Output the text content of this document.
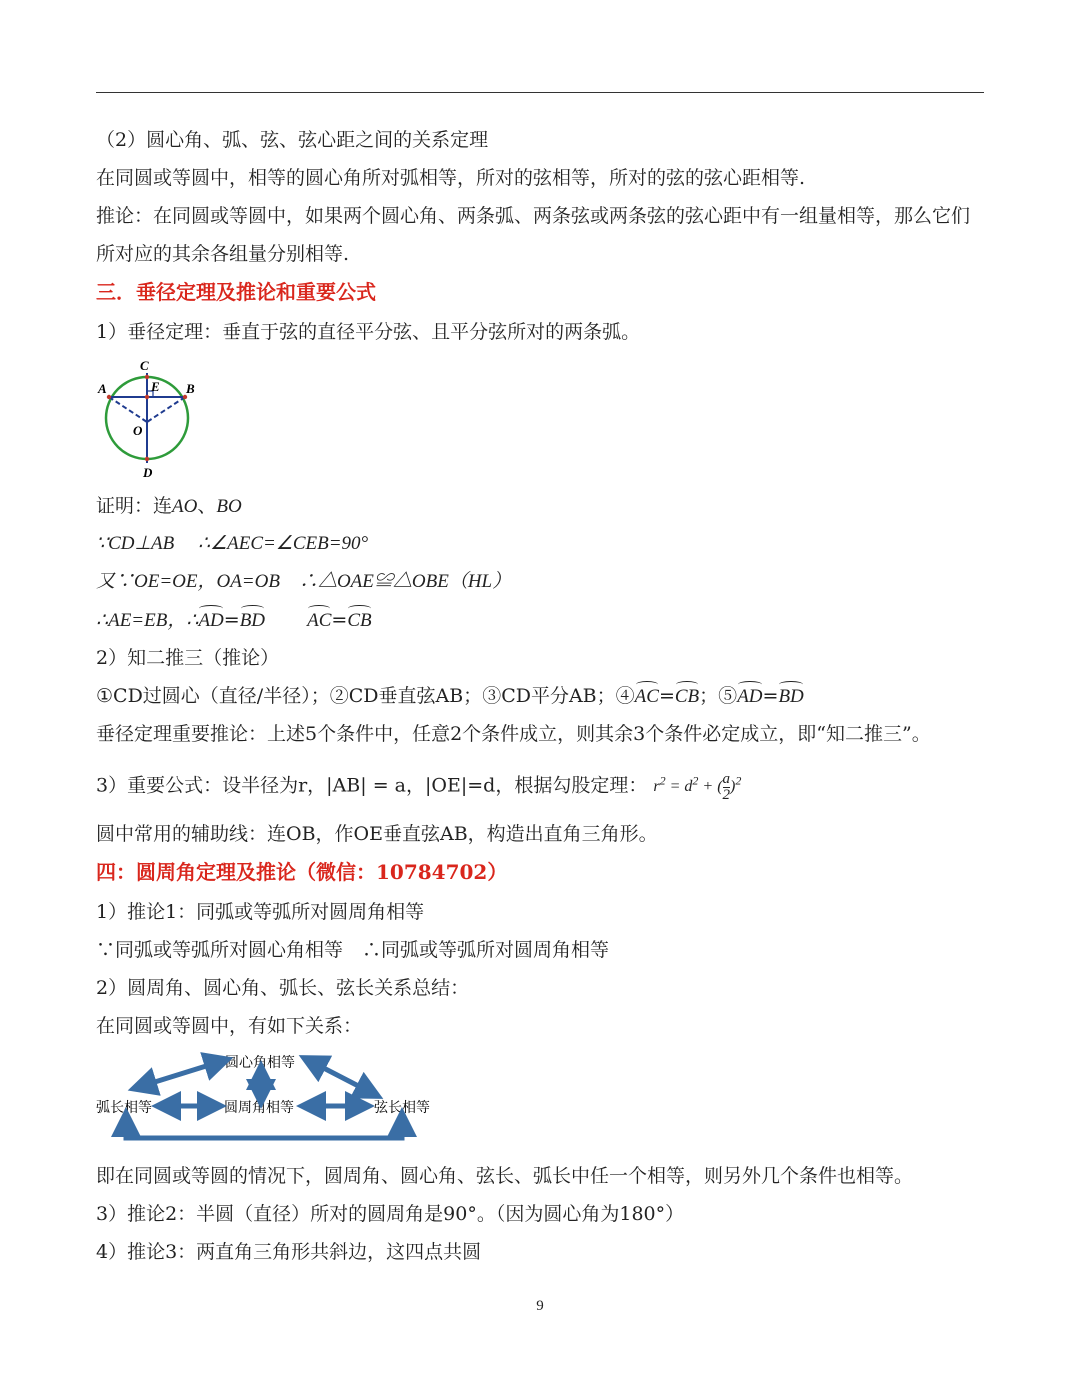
（2）圆心角、弧、弦、弦心距之间的关系定理
在同圆或等圆中，相等的圆心角所对弧相等，所对的弦相等，所对的弦的弦心距相等.
推论：在同圆或等圆中，如果两个圆心角、两条弧、两条弦或两条弦的弦心距中有一组量相等，那么它们
所对应的其余各组量分别相等.
三．垂径定理及推论和重要公式
1）垂径定理：垂直于弦的直径平分弦、且平分弦所对的两条弧。
C
A	E B
O
D
证明：连AO、BO
∵CD⊥AB　 ∴∠AEC=∠CEB=90°
又∵OE=OE，OA=OB　∴△OAE≌△OBE（HL）
∴AE=EB，∴AD=BD AC=CB
2）知二推三（推论）
①CD过圆心（直径/半径）；②CD垂直弦AB；③CD平分AB；④AC=CB；⑤AD=BD
垂径定理重要推论：上述5个条件中，任意2个条件成立，则其余3个条件必定成立，即“知二推三”。
3）重要公式：设半径为r，|AB| = a，|OE|=d，根据勾股定理： $r^2 = d^2$ + ( $\frac{a}{2} )^2$
圆中常用的辅助线：连OB，作OE垂直弦AB，构造出直角三角形。
四：圆周角定理及推论（微信：10784702）
1）推论1：同弧或等弧所对圆周角相等
∵同弧或等弧所对圆心角相等　∴同弧或等弧所对圆周角相等
2）圆周角、圆心角、弧长、弦长关系总结：
在同圆或等圆中，有如下关系：
圆心角相等
弧长相等	圆周角相等	弦长相等
即在同圆或等圆的情况下，圆周角、圆心角、弦长、弧长中任一个相等，则另外几个条件也相等。
3）推论2：半圆（直径）所对的圆周角是90°。（因为圆心角为180°）
4）推论3：两直角三角形共斜边，这四点共圆
9
